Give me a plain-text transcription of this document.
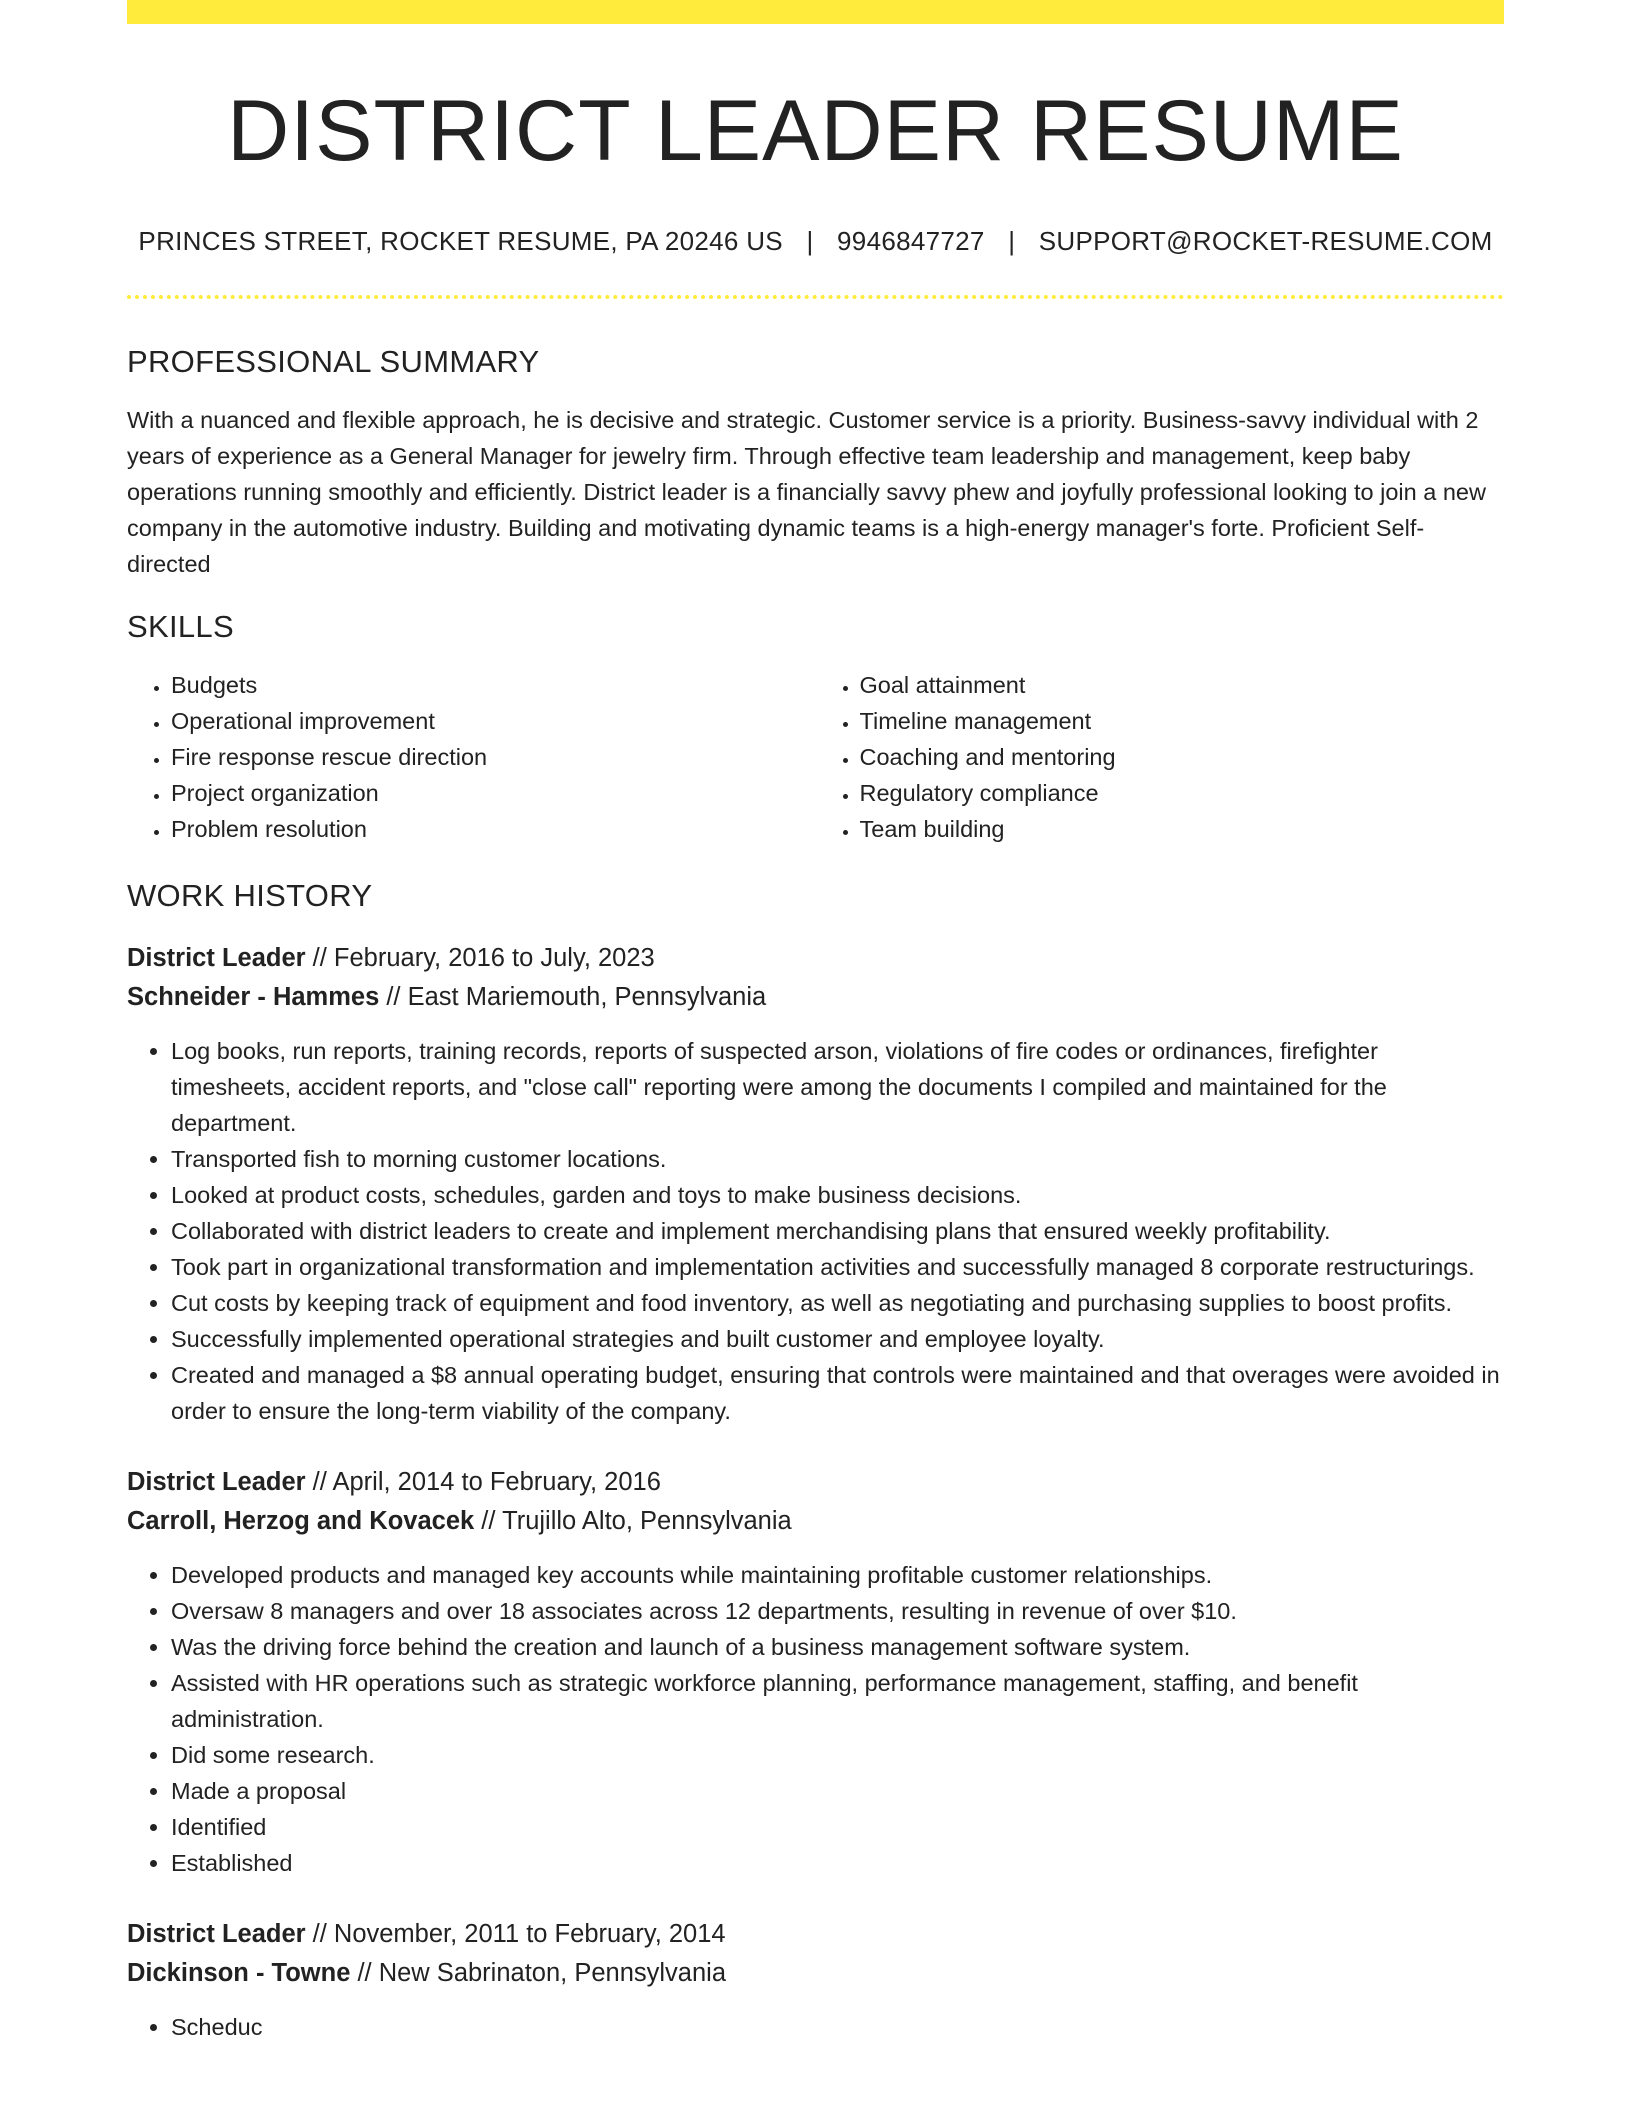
DISTRICT LEADER RESUME
PRINCES STREET, ROCKET RESUME, PA 20246 US | 9946847727 | SUPPORT@ROCKET-RESUME.COM
PROFESSIONAL SUMMARY

With a nuanced and flexible approach, he is decisive and strategic. Customer service is a priority. Business-savvy individual with 2 years of experience as a General Manager for jewelry firm. Through effective team leadership and management, keep baby operations running smoothly and efficiently. District leader is a financially savvy phew and joyfully professional looking to join a new company in the automotive industry. Building and motivating dynamic teams is a high-energy manager's forte. Proficient Self-directed

SKILLS
• Budgets
• Operational improvement
• Fire response rescue direction
• Project organization
• Problem resolution
• Goal attainment
• Timeline management
• Coaching and mentoring
• Regulatory compliance
• Team building
WORK HISTORY
District Leader // February, 2016 to July, 2023
Schneider - Hammes // East Mariemouth, Pennsylvania
• Log books, run reports, training records, reports of suspected arson, violations of fire codes or ordinances, firefighter timesheets, accident reports, and "close call" reporting were among the documents I compiled and maintained for the department.
• Transported fish to morning customer locations.
• Looked at product costs, schedules, garden and toys to make business decisions.
• Collaborated with district leaders to create and implement merchandising plans that ensured weekly profitability.
• Took part in organizational transformation and implementation activities and successfully managed 8 corporate restructurings.
• Cut costs by keeping track of equipment and food inventory, as well as negotiating and purchasing supplies to boost profits.
• Successfully implemented operational strategies and built customer and employee loyalty.
• Created and managed a $8 annual operating budget, ensuring that controls were maintained and that overages were avoided in order to ensure the long-term viability of the company.
District Leader // April, 2014 to February, 2016
Carroll, Herzog and Kovacek // Trujillo Alto, Pennsylvania
• Developed products and managed key accounts while maintaining profitable customer relationships.
• Oversaw 8 managers and over 18 associates across 12 departments, resulting in revenue of over $10.
• Was the driving force behind the creation and launch of a business management software system.
• Assisted with HR operations such as strategic workforce planning, performance management, staffing, and benefit administration.
• Did some research.
• Made a proposal
• Identified
• Established
District Leader // November, 2011 to February, 2014
Dickinson - Towne // New Sabrinaton, Pennsylvania
• Scheduc
